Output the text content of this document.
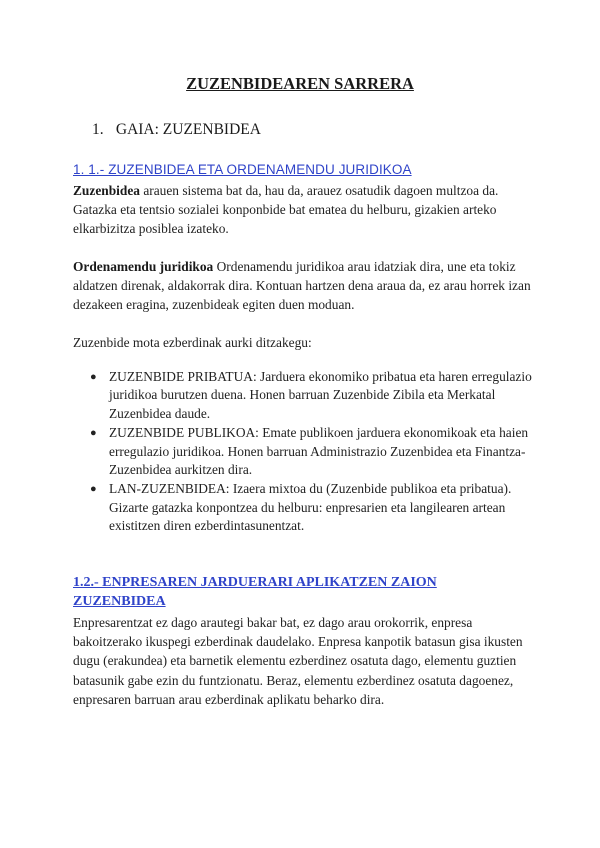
ZUZENBIDEAREN SARRERA
1. GAIA: ZUZENBIDEA
1. 1.- ZUZENBIDEA ETA ORDENAMENDU JURIDIKOA
Zuzenbidea arauen sistema bat da, hau da, arauez osatudik dagoen multzoa da. Gatazka eta tentsio sozialei konponbide bat ematea du helburu, gizakien arteko elkarbizitza posiblea izateko.
Ordenamendu juridikoa Ordenamendu juridikoa arau idatziak dira, une eta tokiz aldatzen direnak, aldakorrak dira. Kontuan hartzen dena araua da, ez arau horrek izan dezakeen eragina, zuzenbideak egiten duen moduan.
Zuzenbide mota ezberdinak aurki ditzakegu:
● ZUZENBIDE PRIBATUA: Jarduera ekonomiko pribatua eta haren erregulazio juridikoa burutzen duena. Honen barruan Zuzenbide Zibila eta Merkatal Zuzenbidea daude.
● ZUZENBIDE PUBLIKOA: Emate publikoen jarduera ekonomikoak eta haien erregulazio juridikoa. Honen barruan Administrazio Zuzenbidea eta Finantza-Zuzenbidea aurkitzen dira.
● LAN-ZUZENBIDEA: Izaera mixtoa du (Zuzenbide publikoa eta pribatua). Gizarte gatazka konpontzea du helburu: enpresarien eta langilearen artean existitzen diren ezberdintasunentzat.
1.2.- ENPRESAREN JARDUERARI APLIKATZEN ZAION ZUZENBIDEA
Enpresarentzat ez dago arautegi bakar bat, ez dago arau orokorrik, enpresa bakoitzerako ikuspegi ezberdinak daudelako. Enpresa kanpotik batasun gisa ikusten dugu (erakundea) eta barnetik elementu ezberdinez osatuta dago, elementu guztien batasunik gabe ezin du funtzionatu. Beraz, elementu ezberdinez osatuta dagoenez, enpresaren barruan arau ezberdinak aplikatu beharko dira.
